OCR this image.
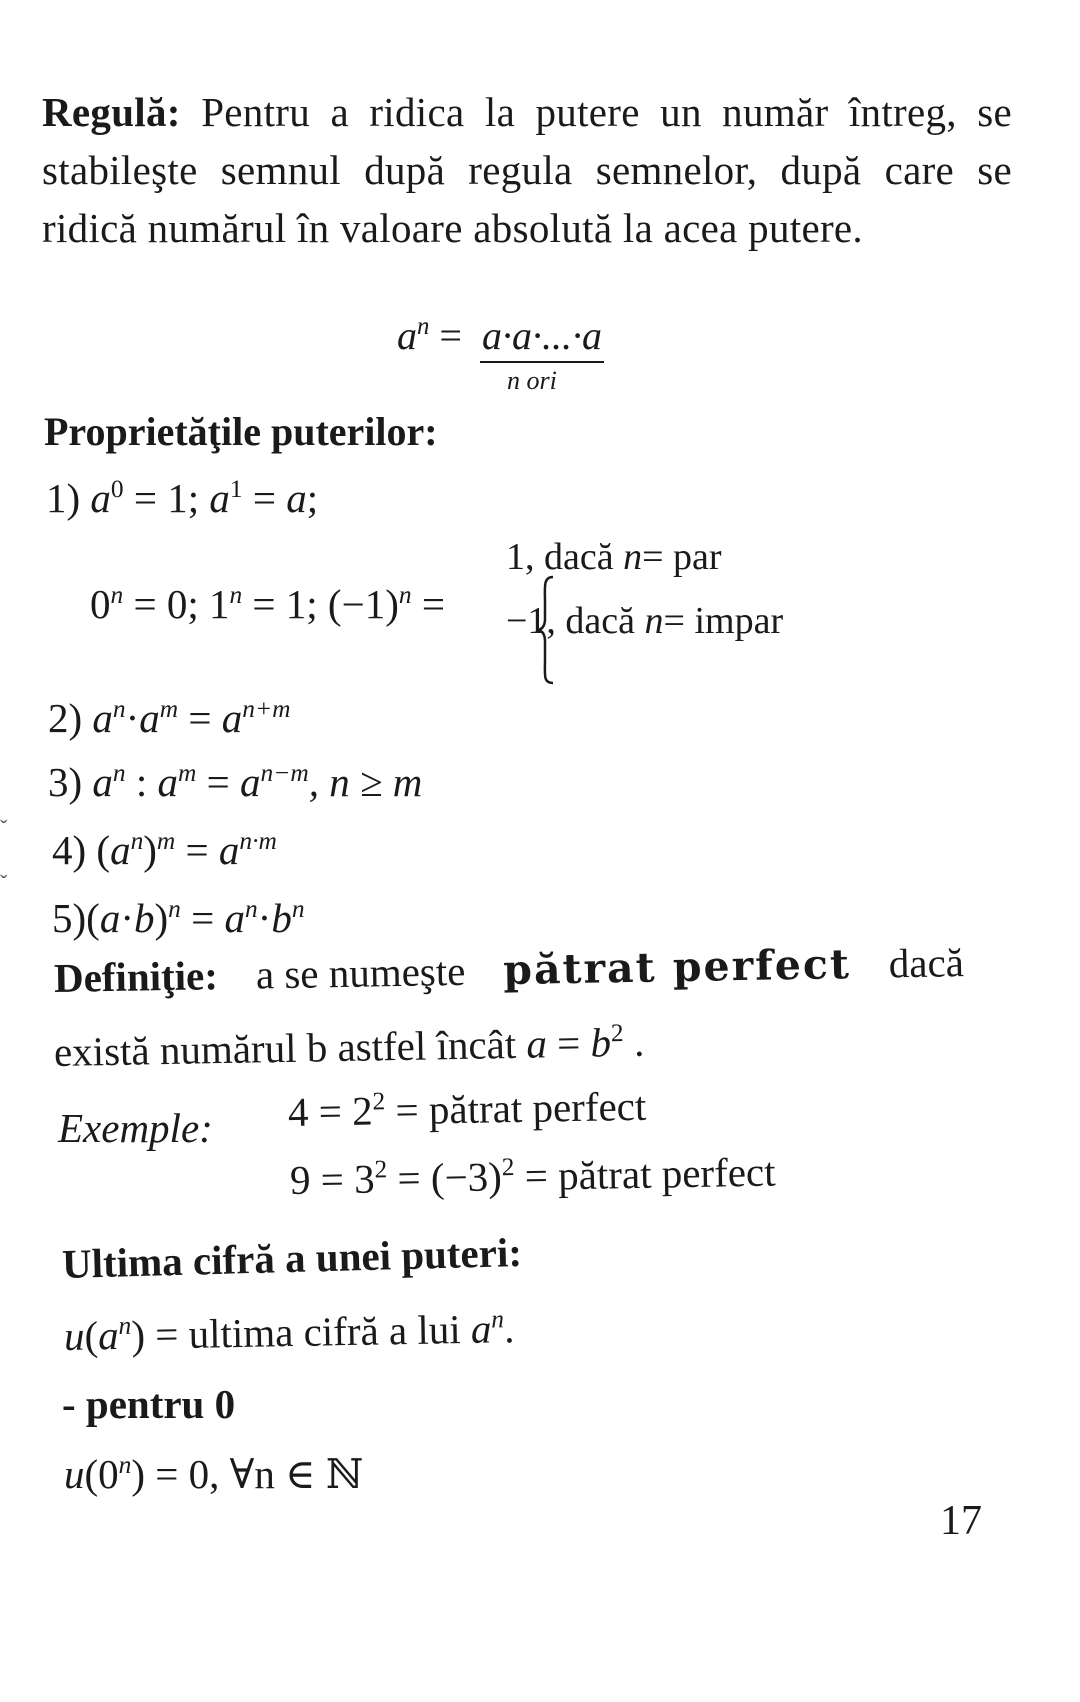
Regulă: Pentru a ridica la putere un număr întreg, se stabileşte semnul după regula semnelor, după care se ridică numărul în valoare absolută la acea putere.
$a^n = a\cdot a\cdot...\cdot a$
n ori
Proprietăţile puterilor:
1) $a^0 = 1$; $a^1 = a$;
$0^n = 0$; $1^n = 1$; $(-1)^n$ =
1, dacă n= par
−1, dacă n= impar
2) $a^n\cdot a^m = a^{n+m}$
3) $a^n$ : $a^m = a^{n-m}$, n ≥ m
4) $(a^n)^m = a^{n\cdot m}$
$5)(a\cdot b)^n = a^n\cdot b^n$
Definiţie: a se numeşte pătrat perfect dacă
există numărul b astfel încât $a = b^2$ .
Exemple: $4 = 2^2$ = pătrat perfect
$9 = 3^2 = (-3)^2$ = pătrat perfect
Ultima cifră a unei puteri:
$u(a^n)$ = ultima cifră a lui $a^n$.
- pentru 0
$u(0^n) = 0$, ∀n ∈ ℕ
17
ˇ
ˇ
